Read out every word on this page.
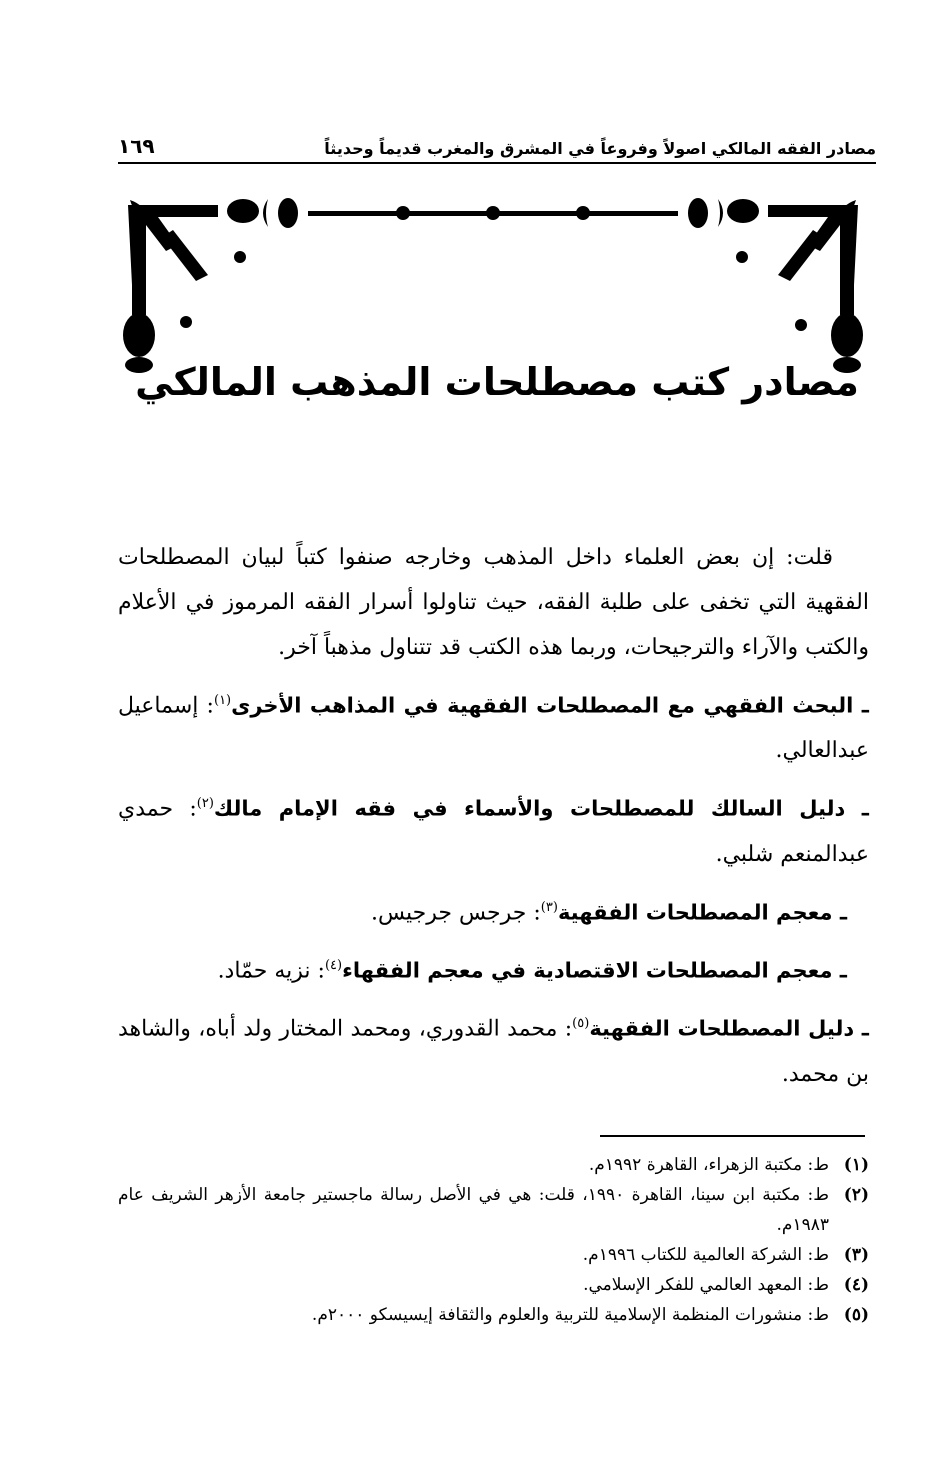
مصادر الفقه المالكي اصولاً وفروعاً في المشرق والمغرب قديماً وحديثاً
١٦٩
مصادر كتب مصطلحات المذهب المالكي

قلت: إن بعض العلماء داخل المذهب وخارجه صنفوا كتباً لبيان المصطلحات الفقهية التي تخفى على طلبة الفقه، حيث تناولوا أسرار الفقه المرموز في الأعلام والكتب والآراء والترجيحات، وربما هذه الكتب قد تتناول مذهباً آخر.

ـ البحث الفقهي مع المصطلحات الفقهية في المذاهب الأخرى$^{(١)}$: إسماعيل عبدالعالي.

ـ دليل السالك للمصطلحات والأسماء في فقه الإمام مالك$^{(٢)}$: حمدي عبدالمنعم شلبي.

ـ معجم المصطلحات الفقهية$^{(٣)}$: جرجس جرجيس.

ـ معجم المصطلحات الاقتصادية في معجم الفقهاء$^{(٤)}$: نزيه حمّاد.

ـ دليل المصطلحات الفقهية$^{(٥)}$: محمد القدوري، ومحمد المختار ولد أباه، والشاهد بن محمد.

(١)
ط: مكتبة الزهراء، القاهرة ١٩٩٢م.
(٢)
ط: مكتبة ابن سينا، القاهرة ١٩٩٠، قلت: هي في الأصل رسالة ماجستير جامعة الأزهر الشريف عام ١٩٨٣م.
(٣)
ط: الشركة العالمية للكتاب ١٩٩٦م.
(٤)
ط: المعهد العالمي للفكر الإسلامي.
(٥)
ط: منشورات المنظمة الإسلامية للتربية والعلوم والثقافة إيسيسكو ٢٠٠٠م.
